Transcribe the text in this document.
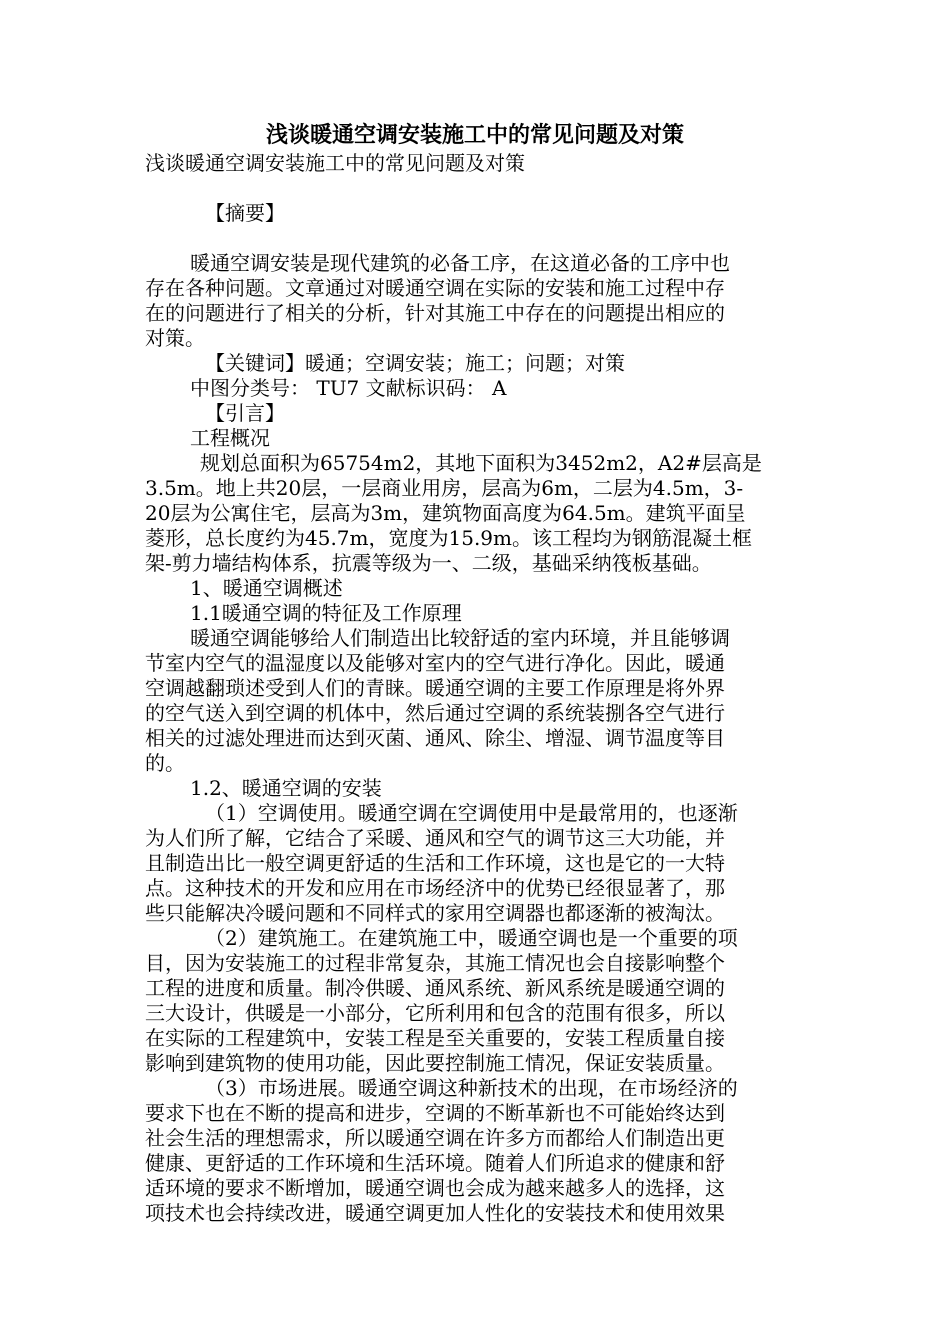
浅谈暖通空调安装施工中的常见问题及对策
浅谈暖通空调安装施工中的常见问题及对策
【摘要】
暖通空调安装是现代建筑的必备工序，在这道必备的工序中也
存在各种问题。文章通过对暖通空调在实际的安装和施工过程中存
在的问题进行了相关的分析，针对其施工中存在的问题提出相应的
对策。
【关键词】暖通；空调安装；施工；问题；对策
中图分类号： TU7 文献标识码： A
【引言】
工程概况
规划总面积为65754m2，其地下面积为3452m2，A2#层高是
3.5m。地上共20层，一层商业用房，层高为6m，二层为4.5m，3-
20层为公寓住宅，层高为3m，建筑物面高度为64.5m。建筑平面呈
菱形，总长度约为45.7m，宽度为15.9m。该工程均为钢筋混凝土框
架-剪力墙结构体系，抗震等级为一、二级，基础采纳筏板基础。
1、暖通空调概述
1.1暖通空调的特征及工作原理
暖通空调能够给人们制造出比较舒适的室内环境，并且能够调
节室内空气的温湿度以及能够对室内的空气进行净化。因此，暖通
空调越翻琐述受到人们的青睐。暖通空调的主要工作原理是将外界
的空气送入到空调的机体中，然后通过空调的系统装捌各空气进行
相关的过滤处理进而达到灭菌、通风、除尘、增湿、调节温度等目
的。
1.2、暖通空调的安装
（1）空调使用。暖通空调在空调使用中是最常用的，也逐渐
为人们所了解，它结合了采暖、通风和空气的调节这三大功能，并
且制造出比一般空调更舒适的生活和工作环境，这也是它的一大特
点。这种技术的开发和应用在市场经济中的优势已经很显著了，那
些只能解决冷暖问题和不同样式的家用空调器也都逐渐的被淘汰。
（2）建筑施工。在建筑施工中，暖通空调也是一个重要的项
目，因为安装施工的过程非常复杂，其施工情况也会自接影响整个
工程的进度和质量。制冷供暖、通风系统、新风系统是暖通空调的
三大设计，供暖是一小部分，它所利用和包含的范围有很多，所以
在实际的工程建筑中，安装工程是至关重要的，安装工程质量自接
影响到建筑物的使用功能，因此要控制施工情况，保证安装质量。
（3）市场进展。暖通空调这种新技术的出现，在市场经济的
要求下也在不断的提高和进步，空调的不断革新也不可能始终达到
社会生活的理想需求，所以暖通空调在许多方而都给人们制造出更
健康、更舒适的工作环境和生活环境。随着人们所追求的健康和舒
适环境的要求不断增加，暖通空调也会成为越来越多人的选择，这
项技术也会持续改进，暖通空调更加人性化的安装技术和使用效果
